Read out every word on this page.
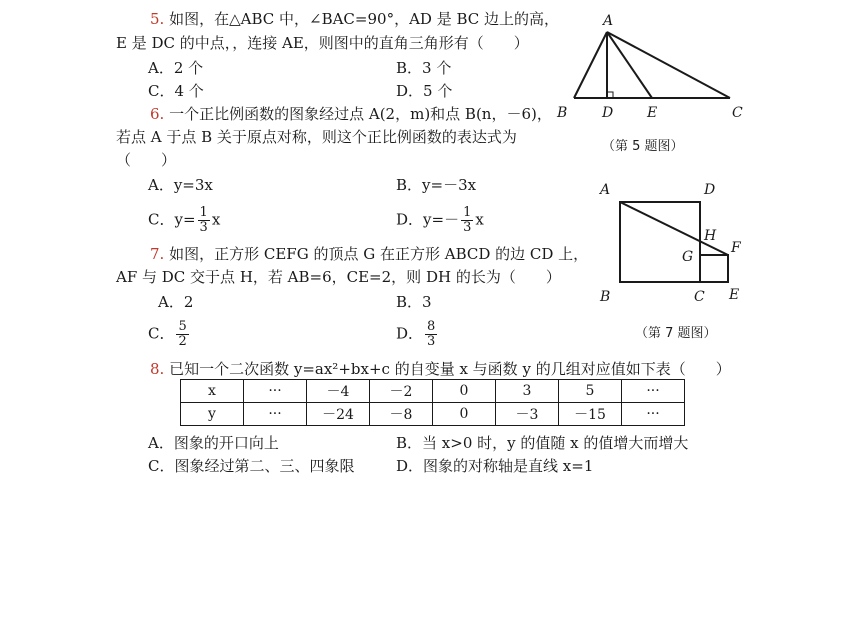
5. 如图，在△ABC 中，∠BAC=90°，AD 是 BC 边上的高，
E 是 DC 的中点，，连接 AE，则图中的直角三角形有（　　）
A．2 个	B．3 个
C．4 个	D．5 个
A
B D E	C
（第 5 题图）
6. 一个正比例函数的图象经过点 A(2，m)和点 B(n，－6)，
若点 A 于点 B 关于原点对称，则这个正比例函数的表达式为
（　　）
A．y=3x	B．y=－3x
C．$y= \frac{1}{3}$ x	D．$y=- \frac{1}{3}$ x
7. 如图，正方形 CEFG 的顶点 G 在正方形 ABCD 的边 CD 上，
AF 与 DC 交于点 H，若 AB=6，CE=2，则 DH 的长为（　　）
A．2	B．3
C． $\frac{5}{2}$	D． $\frac{8}{3}$
A	D
H
F
G
B	C E
（第 7 题图）
8. 已知一个二次函数 y=ax²+bx+c 的自变量 x 与函数 y 的几组对应值如下表（　　）
x	···	－4	－2	0	3	5	···
y	···	－24	－8	0	－3	－15	···
A．图象的开口向上	B．当 x>0 时，y 的值随 x 的值增大而增大
C．图象经过第二、三、四象限	D．图象的对称轴是直线 x=1
